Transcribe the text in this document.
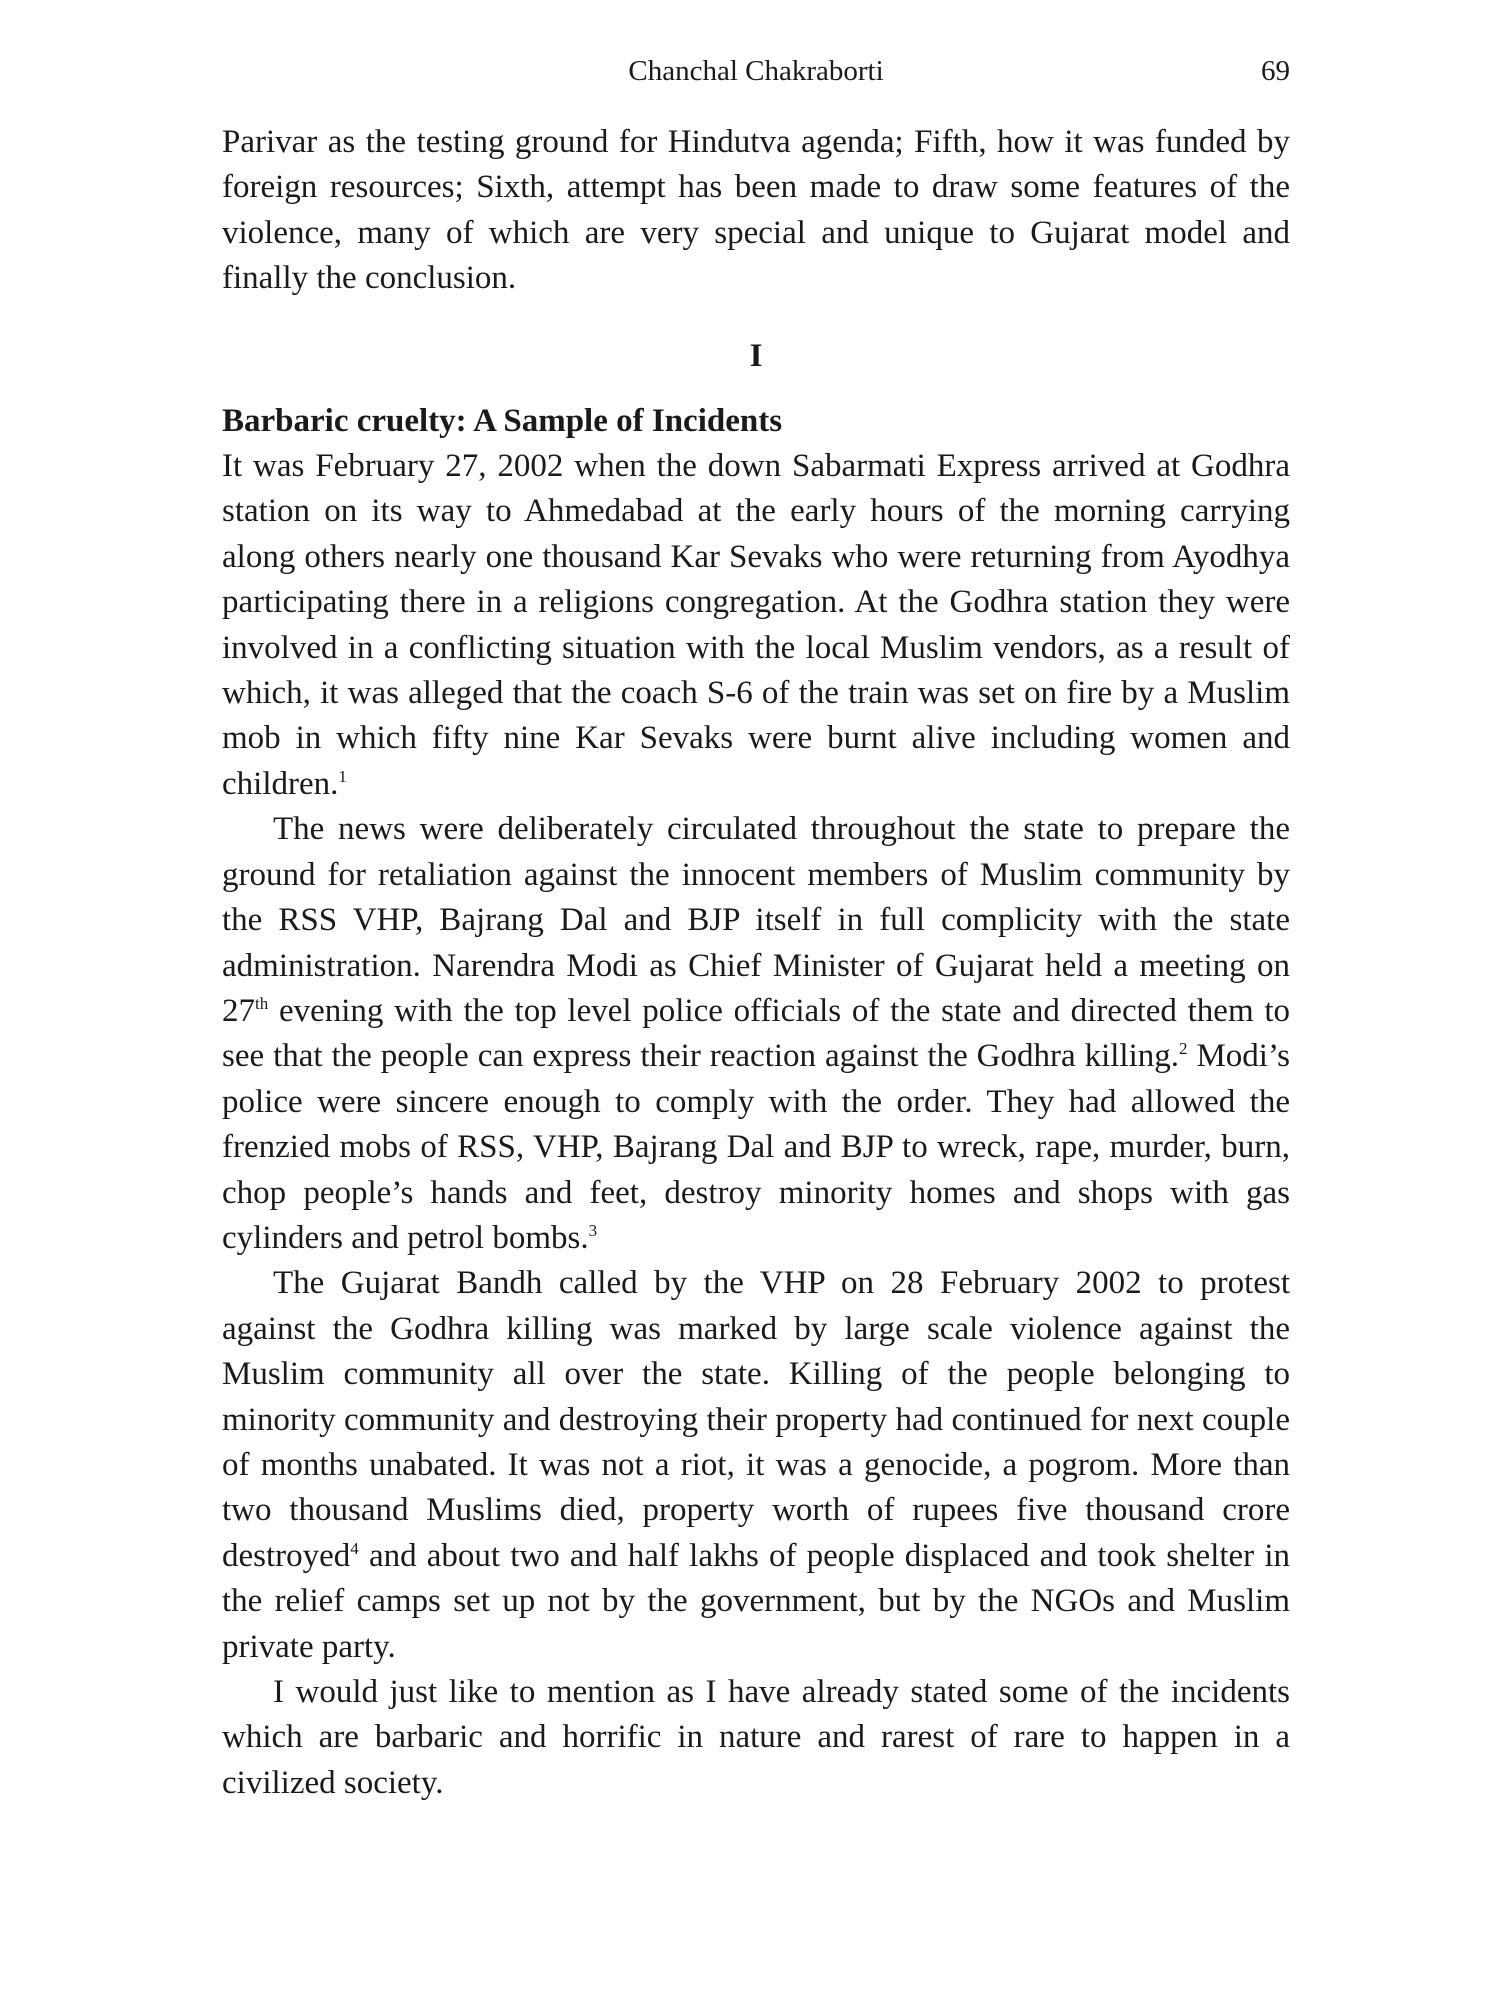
Chanchal Chakraborti	69

Parivar as the testing ground for Hindutva agenda; Fifth, how it was funded by foreign resources; Sixth, attempt has been made to draw some features of the violence, many of which are very special and unique to Gujarat model and finally the conclusion.

I
Barbaric cruelty: A Sample of Incidents

It was February 27, 2002 when the down Sabarmati Express arrived at Godhra station on its way to Ahmedabad at the early hours of the morning carrying along others nearly one thousand Kar Sevaks who were returning from Ayodhya participating there in a religions congregation. At the Godhra station they were involved in a conflicting situation with the local Muslim vendors, as a result of which, it was alleged that the coach S-6 of the train was set on fire by a Muslim mob in which fifty nine Kar Sevaks were burnt alive including women and children.$^1$

The news were deliberately circulated throughout the state to prepare the ground for retaliation against the innocent members of Muslim community by the RSS VHP, Bajrang Dal and BJP itself in full complicity with the state administration. Narendra Modi as Chief Minister of Gujarat held a meeting on 27th evening with the top level police officials of the state and directed them to see that the people can express their reaction against the Godhra killing.$^2$ Modi’s police were sincere enough to comply with the order. They had allowed the frenzied mobs of RSS, VHP, Bajrang Dal and BJP to wreck, rape, murder, burn, chop people’s hands and feet, destroy minority homes and shops with gas cylinders and petrol bombs.$^3$

The Gujarat Bandh called by the VHP on 28 February 2002 to protest against the Godhra killing was marked by large scale violence against the Muslim community all over the state. Killing of the people belonging to minority community and destroying their property had continued for next couple of months unabated. It was not a riot, it was a genocide, a pogrom. More than two thousand Muslims died, property worth of rupees five thousand crore destroyed$^4$ and about two and half lakhs of people displaced and took shelter in the relief camps set up not by the government, but by the NGOs and Muslim private party.

I would just like to mention as I have already stated some of the incidents which are barbaric and horrific in nature and rarest of rare to happen in a civilized society.
